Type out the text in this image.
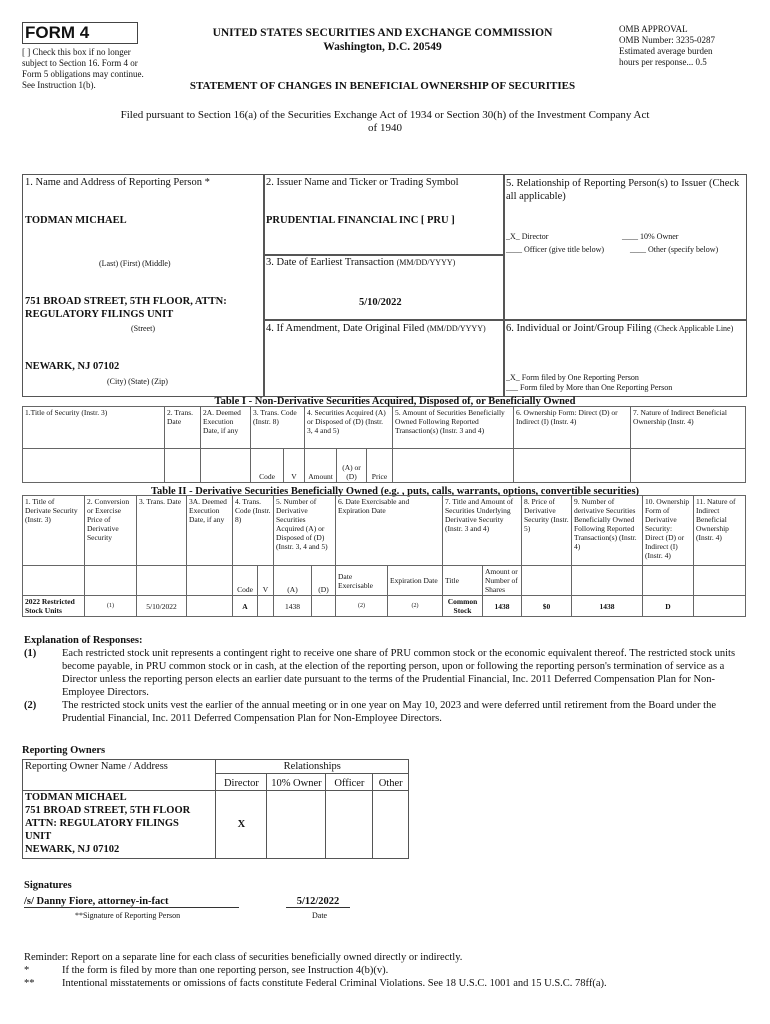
FORM 4
[ ] Check this box if no longer subject to Section 16. Form 4 or Form 5 obligations may continue. See Instruction 1(b).
UNITED STATES SECURITIES AND EXCHANGE COMMISSION
Washington, D.C. 20549
OMB APPROVAL
OMB Number: 3235-0287
Estimated average burden
hours per response... 0.5
STATEMENT OF CHANGES IN BENEFICIAL OWNERSHIP OF SECURITIES
Filed pursuant to Section 16(a) of the Securities Exchange Act of 1934 or Section 30(h) of the Investment Company Act of 1940
1. Name and Address of Reporting Person *
TODMAN MICHAEL
(Last) (First) (Middle)
751 BROAD STREET, 5TH FLOOR, ATTN: REGULATORY FILINGS UNIT
(Street)
NEWARK, NJ 07102
(City) (State) (Zip)
2. Issuer Name and Ticker or Trading Symbol
PRUDENTIAL FINANCIAL INC [ PRU ]
3. Date of Earliest Transaction (MM/DD/YYYY)
5/10/2022
4. If Amendment, Date Original Filed (MM/DD/YYYY)
5. Relationship of Reporting Person(s) to Issuer (Check all applicable)
_X_ Director	____ 10% Owner
____ Officer (give title below)	____ Other (specify below)
6. Individual or Joint/Group Filing (Check Applicable Line)
_X_ Form filed by One Reporting Person
___ Form filed by More than One Reporting Person
Table I - Non-Derivative Securities Acquired, Disposed of, or Beneficially Owned
1.Title of Security (Instr. 3)	2. Trans. Date	2A. Deemed Execution Date, if any	3. Trans. Code (Instr. 8)		4. Securities Acquired (A) or Disposed of (D) (Instr. 3, 4 and 5)			5. Amount of Securities Beneficially Owned Following Reported Transaction(s) (Instr. 3 and 4)	6. Ownership Form: Direct (D) or Indirect (I) (Instr. 4)	7. Nature of Indirect Beneficial Ownership (Instr. 4)
			Code	V	Amount	(A) or (D)	Price			
Table II - Derivative Securities Beneficially Owned (e.g. , puts, calls, warrants, options, convertible securities)
1. Title of Derivate Security (Instr. 3)	2. Conversion or Exercise Price of Derivative Security	3. Trans. Date	3A. Deemed Execution Date, if any	4. Trans. Code (Instr. 8)		5. Number of Derivative Securities Acquired (A) or Disposed of (D) (Instr. 3, 4 and 5)		6. Date Exercisable and Expiration Date		7. Title and Amount of Securities Underlying Derivative Security (Instr. 3 and 4)		8. Price of Derivative Security (Instr. 5)	9. Number of derivative Securities Beneficially Owned Following Reported Transaction(s) (Instr. 4)	10. Ownership Form of Derivative Security: Direct (D) or Indirect (I) (Instr. 4)	11. Nature of Indirect Beneficial Ownership (Instr. 4)
				Code	V	(A)	(D)	Date Exercisable	Expiration Date	Title	Amount or Number of Shares				
2022 Restricted Stock Units	(1)	5/10/2022		A		1438		(2)	(2)	Common Stock	1438	$0	1438	D	
Explanation of Responses:
(1)	Each restricted stock unit represents a contingent right to receive one share of PRU common stock or the economic equivalent thereof. The restricted stock units become payable, in PRU common stock or in cash, at the election of the reporting person, upon or following the reporting person's termination of service as a Director unless the reporting person elects an earlier date pursuant to the terms of the Prudential Financial, Inc. 2011 Deferred Compensation Plan for Non-Employee Directors.
(2)	The restricted stock units vest the earlier of the annual meeting or in one year on May 10, 2023 and were deferred until retirement from the Board under the Prudential Financial, Inc. 2011 Deferred Compensation Plan for Non-Employee Directors.
Reporting Owners
Reporting Owner Name / Address	Relationships			
	Director	10% Owner	Officer	Other

TODMAN MICHAEL
751 BROAD STREET, 5TH FLOOR
ATTN: REGULATORY FILINGS
UNIT
NEWARK, NJ 07102	X			
Signatures
/s/ Danny Fiore, attorney-in-fact
**Signature of Reporting Person
5/12/2022
Date
Reminder: Report on a separate line for each class of securities beneficially owned directly or indirectly.
*	If the form is filed by more than one reporting person, see Instruction 4(b)(v).
**	Intentional misstatements or omissions of facts constitute Federal Criminal Violations. See 18 U.S.C. 1001 and 15 U.S.C. 78ff(a).
